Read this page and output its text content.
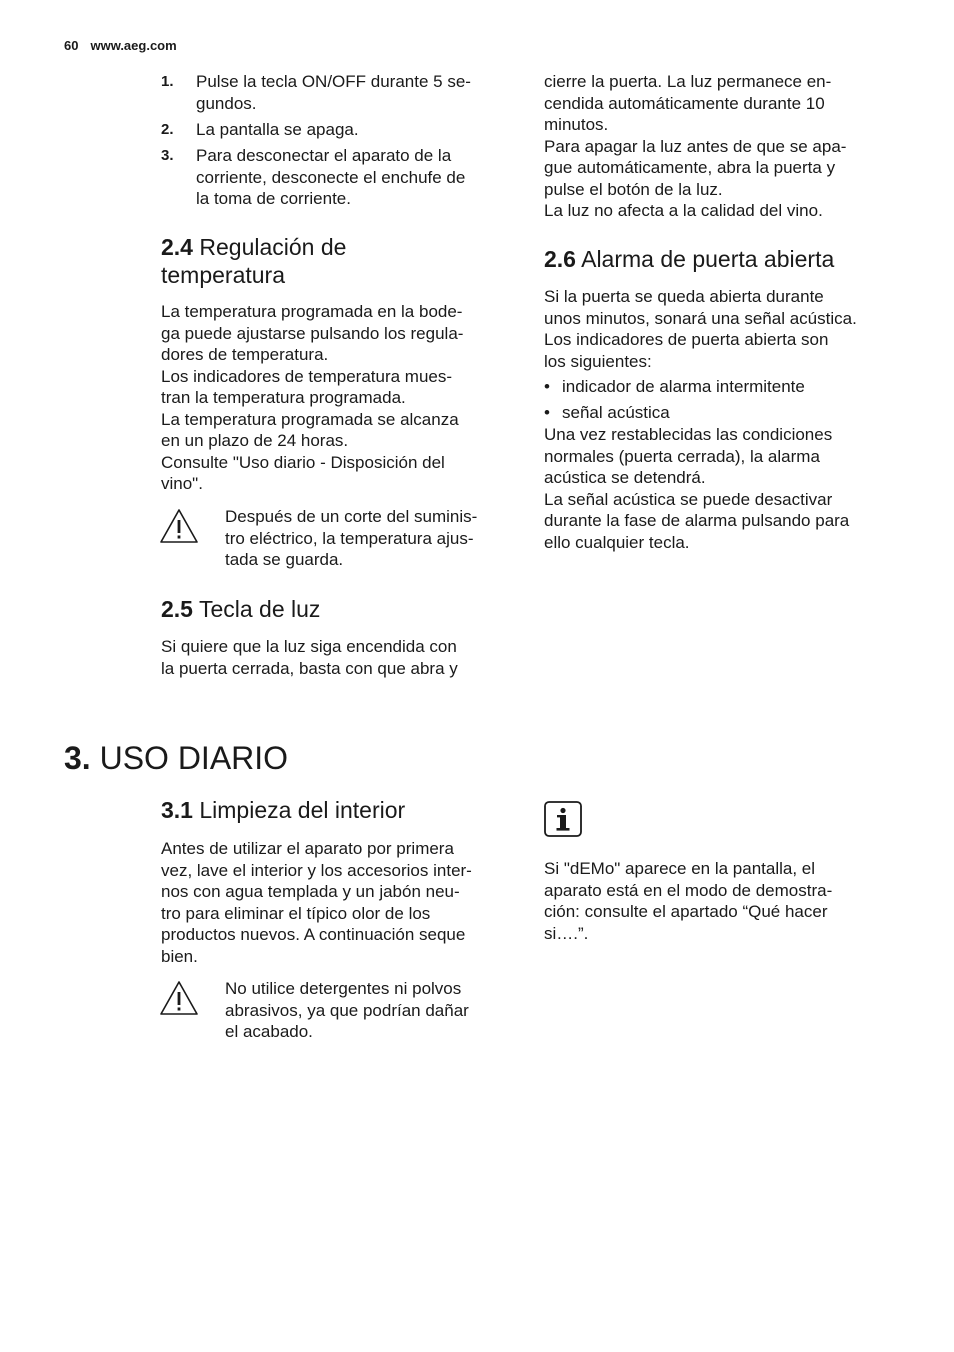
60 www.aeg.com
1. Pulse la tecla ON/OFF durante 5 se-
gundos.
2. La pantalla se apaga.
3. Para desconectar el aparato de la
corriente, desconecte el enchufe de
la toma de corriente.
2.4 Regulación de
temperatura
La temperatura programada en la bode-
ga puede ajustarse pulsando los regula-
dores de temperatura.
Los indicadores de temperatura mues-
tran la temperatura programada.
La temperatura programada se alcanza
en un plazo de 24 horas.
Consulte "Uso diario - Disposición del
vino".
Después de un corte del suminis-
tro eléctrico, la temperatura ajus-
tada se guarda.
2.5 Tecla de luz
Si quiere que la luz siga encendida con
la puerta cerrada, basta con que abra y
cierre la puerta. La luz permanece en-
cendida automáticamente durante 10
minutos.
Para apagar la luz antes de que se apa-
gue automáticamente, abra la puerta y
pulse el botón de la luz.
La luz no afecta a la calidad del vino.
2.6 Alarma de puerta abierta
Si la puerta se queda abierta durante
unos minutos, sonará una señal acústica.
Los indicadores de puerta abierta son
los siguientes:
• indicador de alarma intermitente
• señal acústica
Una vez restablecidas las condiciones
normales (puerta cerrada), la alarma
acústica se detendrá.
La señal acústica se puede desactivar
durante la fase de alarma pulsando para
ello cualquier tecla.
3. USO DIARIO
3.1 Limpieza del interior
Antes de utilizar el aparato por primera
vez, lave el interior y los accesorios inter-
nos con agua templada y un jabón neu-
tro para eliminar el típico olor de los
productos nuevos. A continuación seque
bien.
No utilice detergentes ni polvos
abrasivos, ya que podrían dañar
el acabado.
Si "dEMo" aparece en la pantalla, el
aparato está en el modo de demostra-
ción: consulte el apartado “Qué hacer
si….”.
